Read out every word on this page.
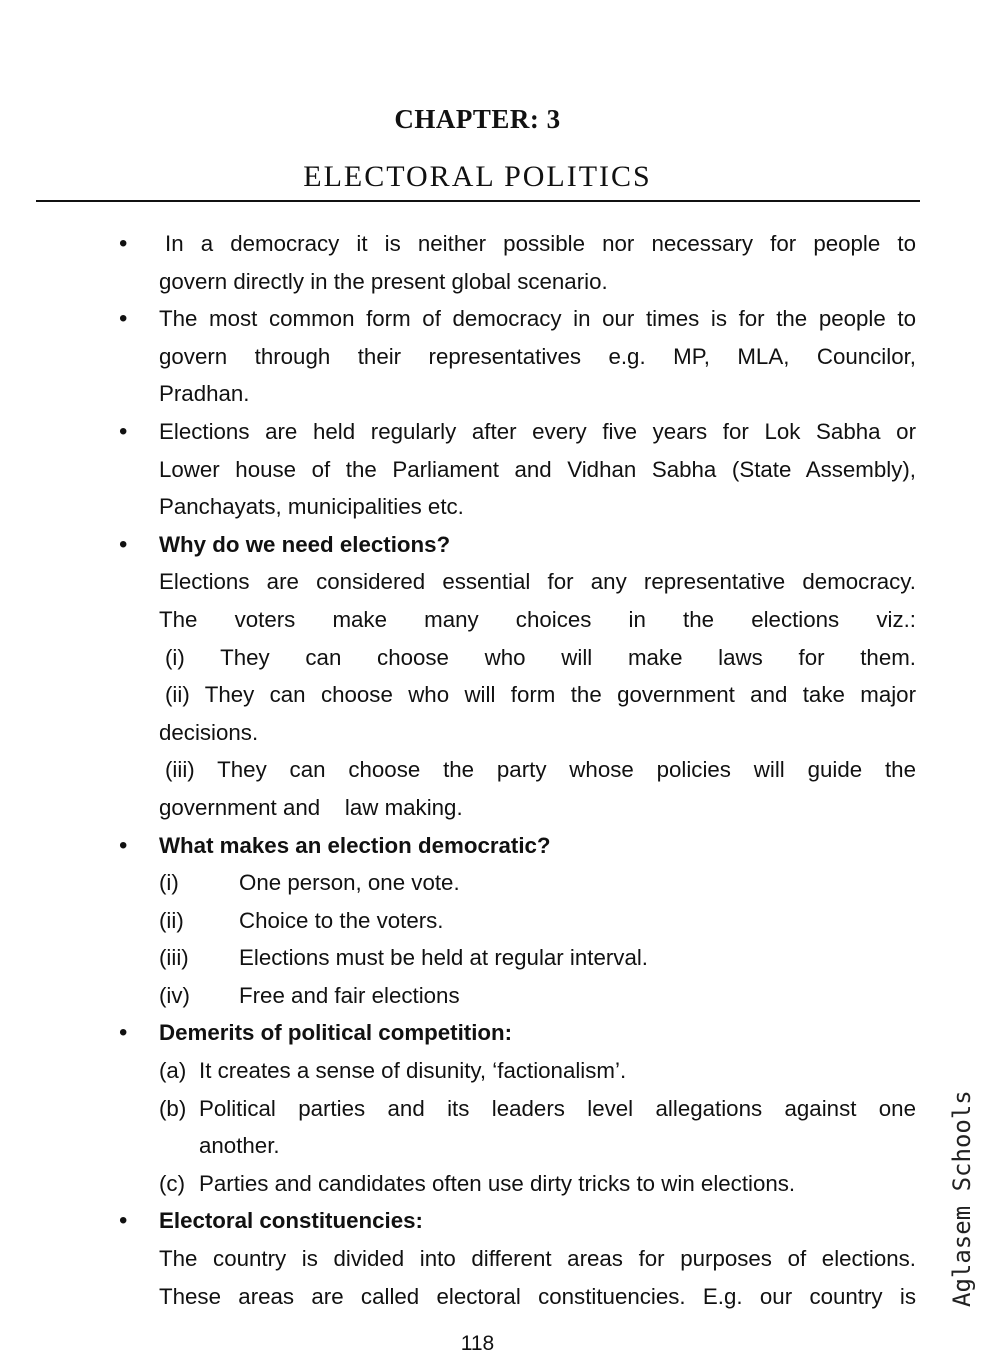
CHAPTER: 3
ELECTORAL POLITICS
• In a democracy it is neither possible nor necessary for people to
govern directly in the present global scenario.
• The most common form of democracy in our times is for the people to
govern through their representatives e.g. MP, MLA, Councilor,
Pradhan.
• Elections are held regularly after every five years for Lok Sabha or
Lower house of the Parliament and Vidhan Sabha (State Assembly),
Panchayats, municipalities etc.
• Why do we need elections?
Elections are considered essential for any representative democracy.
The voters make many choices in the elections viz.:
(i) They can choose who will make laws for them.
(ii) They can choose who will form the government and take major
decisions.
(iii) They can choose the party whose policies will guide the
government and    law making.
• What makes an election democratic?
(i)	One person, one vote.
(ii)	Choice to the voters.
(iii)	Elections must be held at regular interval.
(iv)	Free and fair elections
• Demerits of political competition:
(a) It creates a sense of disunity, ‘factionalism’.
(b) Political parties and its leaders level allegations against one
another.
(c) Parties and candidates often use dirty tricks to win elections.
• Electoral constituencies:
The country is divided into different areas for purposes of elections.
These areas are called electoral constituencies. E.g. our country is
118
Aglasem Schools
